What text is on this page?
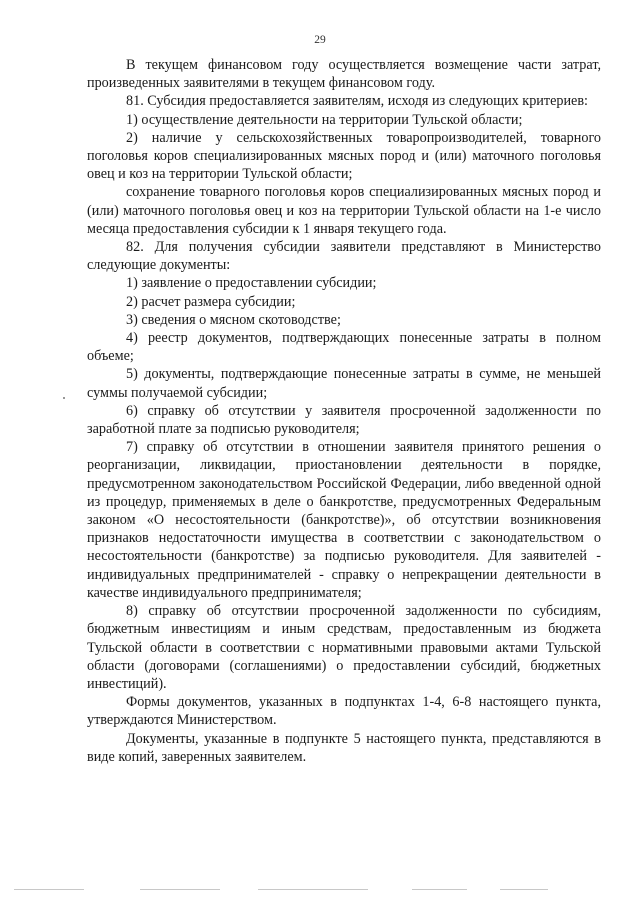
29

В текущем финансовом году осуществляется возмещение части затрат, произведенных заявителями в текущем финансовом году.

81. Субсидия предоставляется заявителям, исходя из следующих критериев:

1) осуществление деятельности на территории Тульской области;

2) наличие у сельскохозяйственных товаропроизводителей, товарного поголовья коров специализированных мясных пород и (или) маточного поголовья овец и коз на территории Тульской области;

сохранение товарного поголовья коров специализированных мясных пород и (или) маточного поголовья овец и коз на территории Тульской области на 1-е число месяца предоставления субсидии к 1 января текущего года.

82. Для получения субсидии заявители представляют в Министерство следующие документы:

1) заявление о предоставлении субсидии;

2) расчет размера субсидии;

3) сведения о мясном скотоводстве;

4) реестр документов, подтверждающих понесенные затраты в полном объеме;

5) документы, подтверждающие понесенные затраты в сумме, не меньшей суммы получаемой субсидии;

6) справку об отсутствии у заявителя просроченной задолженности по заработной плате за подписью руководителя;

7) справку об отсутствии в отношении заявителя принятого решения о реорганизации, ликвидации, приостановлении деятельности в порядке, предусмотренном законодательством Российской Федерации, либо введенной одной из процедур, применяемых в деле о банкротстве, предусмотренных Федеральным законом «О несостоятельности (банкротстве)», об отсутствии возникновения признаков недостаточности имущества в соответствии с законодательством о несостоятельности (банкротстве) за подписью руководителя. Для заявителей - индивидуальных предпринимателей - справку о непрекращении деятельности в качестве индивидуального предпринимателя;

8) справку об отсутствии просроченной задолженности по субсидиям, бюджетным инвестициям и иным средствам, предоставленным из бюджета Тульской области в соответствии с нормативными правовыми актами Тульской области (договорами (соглашениями) о предоставлении субсидий, бюджетных инвестиций).

Формы документов, указанных в подпунктах 1-4, 6-8 настоящего пункта, утверждаются Министерством.

Документы, указанные в подпункте 5 настоящего пункта, представляются в виде копий, заверенных заявителем.
